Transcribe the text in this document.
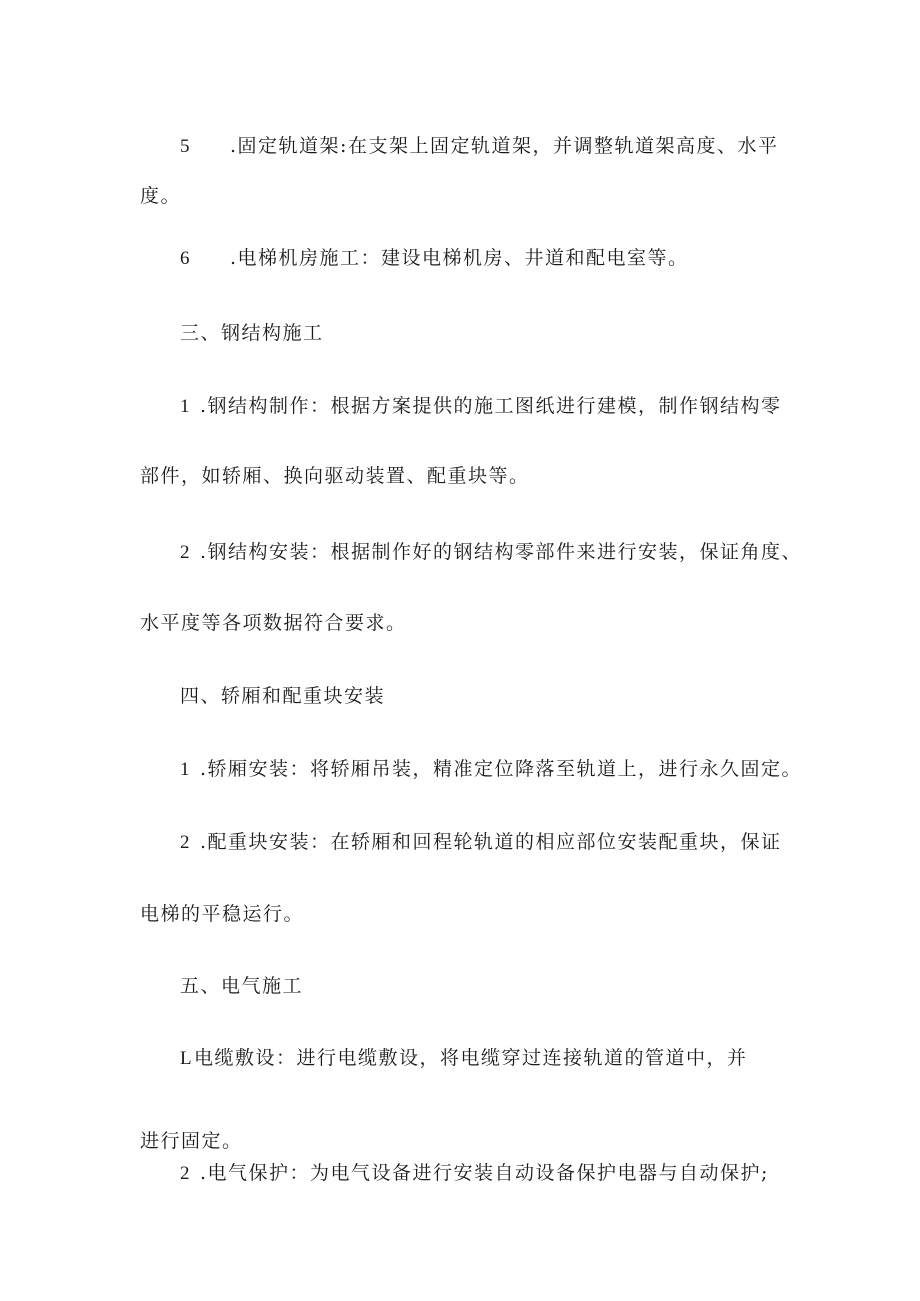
5 .固定轨道架:在支架上固定轨道架，并调整轨道架高度、水平
度。
6 .电梯机房施工：建设电梯机房、井道和配电室等。
三、钢结构施工
1 .钢结构制作：根据方案提供的施工图纸进行建模，制作钢结构零
部件，如轿厢、换向驱动装置、配重块等。
2 .钢结构安装：根据制作好的钢结构零部件来进行安装，保证角度、
水平度等各项数据符合要求。
四、轿厢和配重块安装
1 .轿厢安装：将轿厢吊装，精准定位降落至轨道上，进行永久固定。
2 .配重块安装：在轿厢和回程轮轨道的相应部位安装配重块，保证
电梯的平稳运行。
五、电气施工
L电缆敷设：进行电缆敷设，将电缆穿过连接轨道的管道中，并
进行固定。
2 .电气保护：为电气设备进行安装自动设备保护电器与自动保护;
